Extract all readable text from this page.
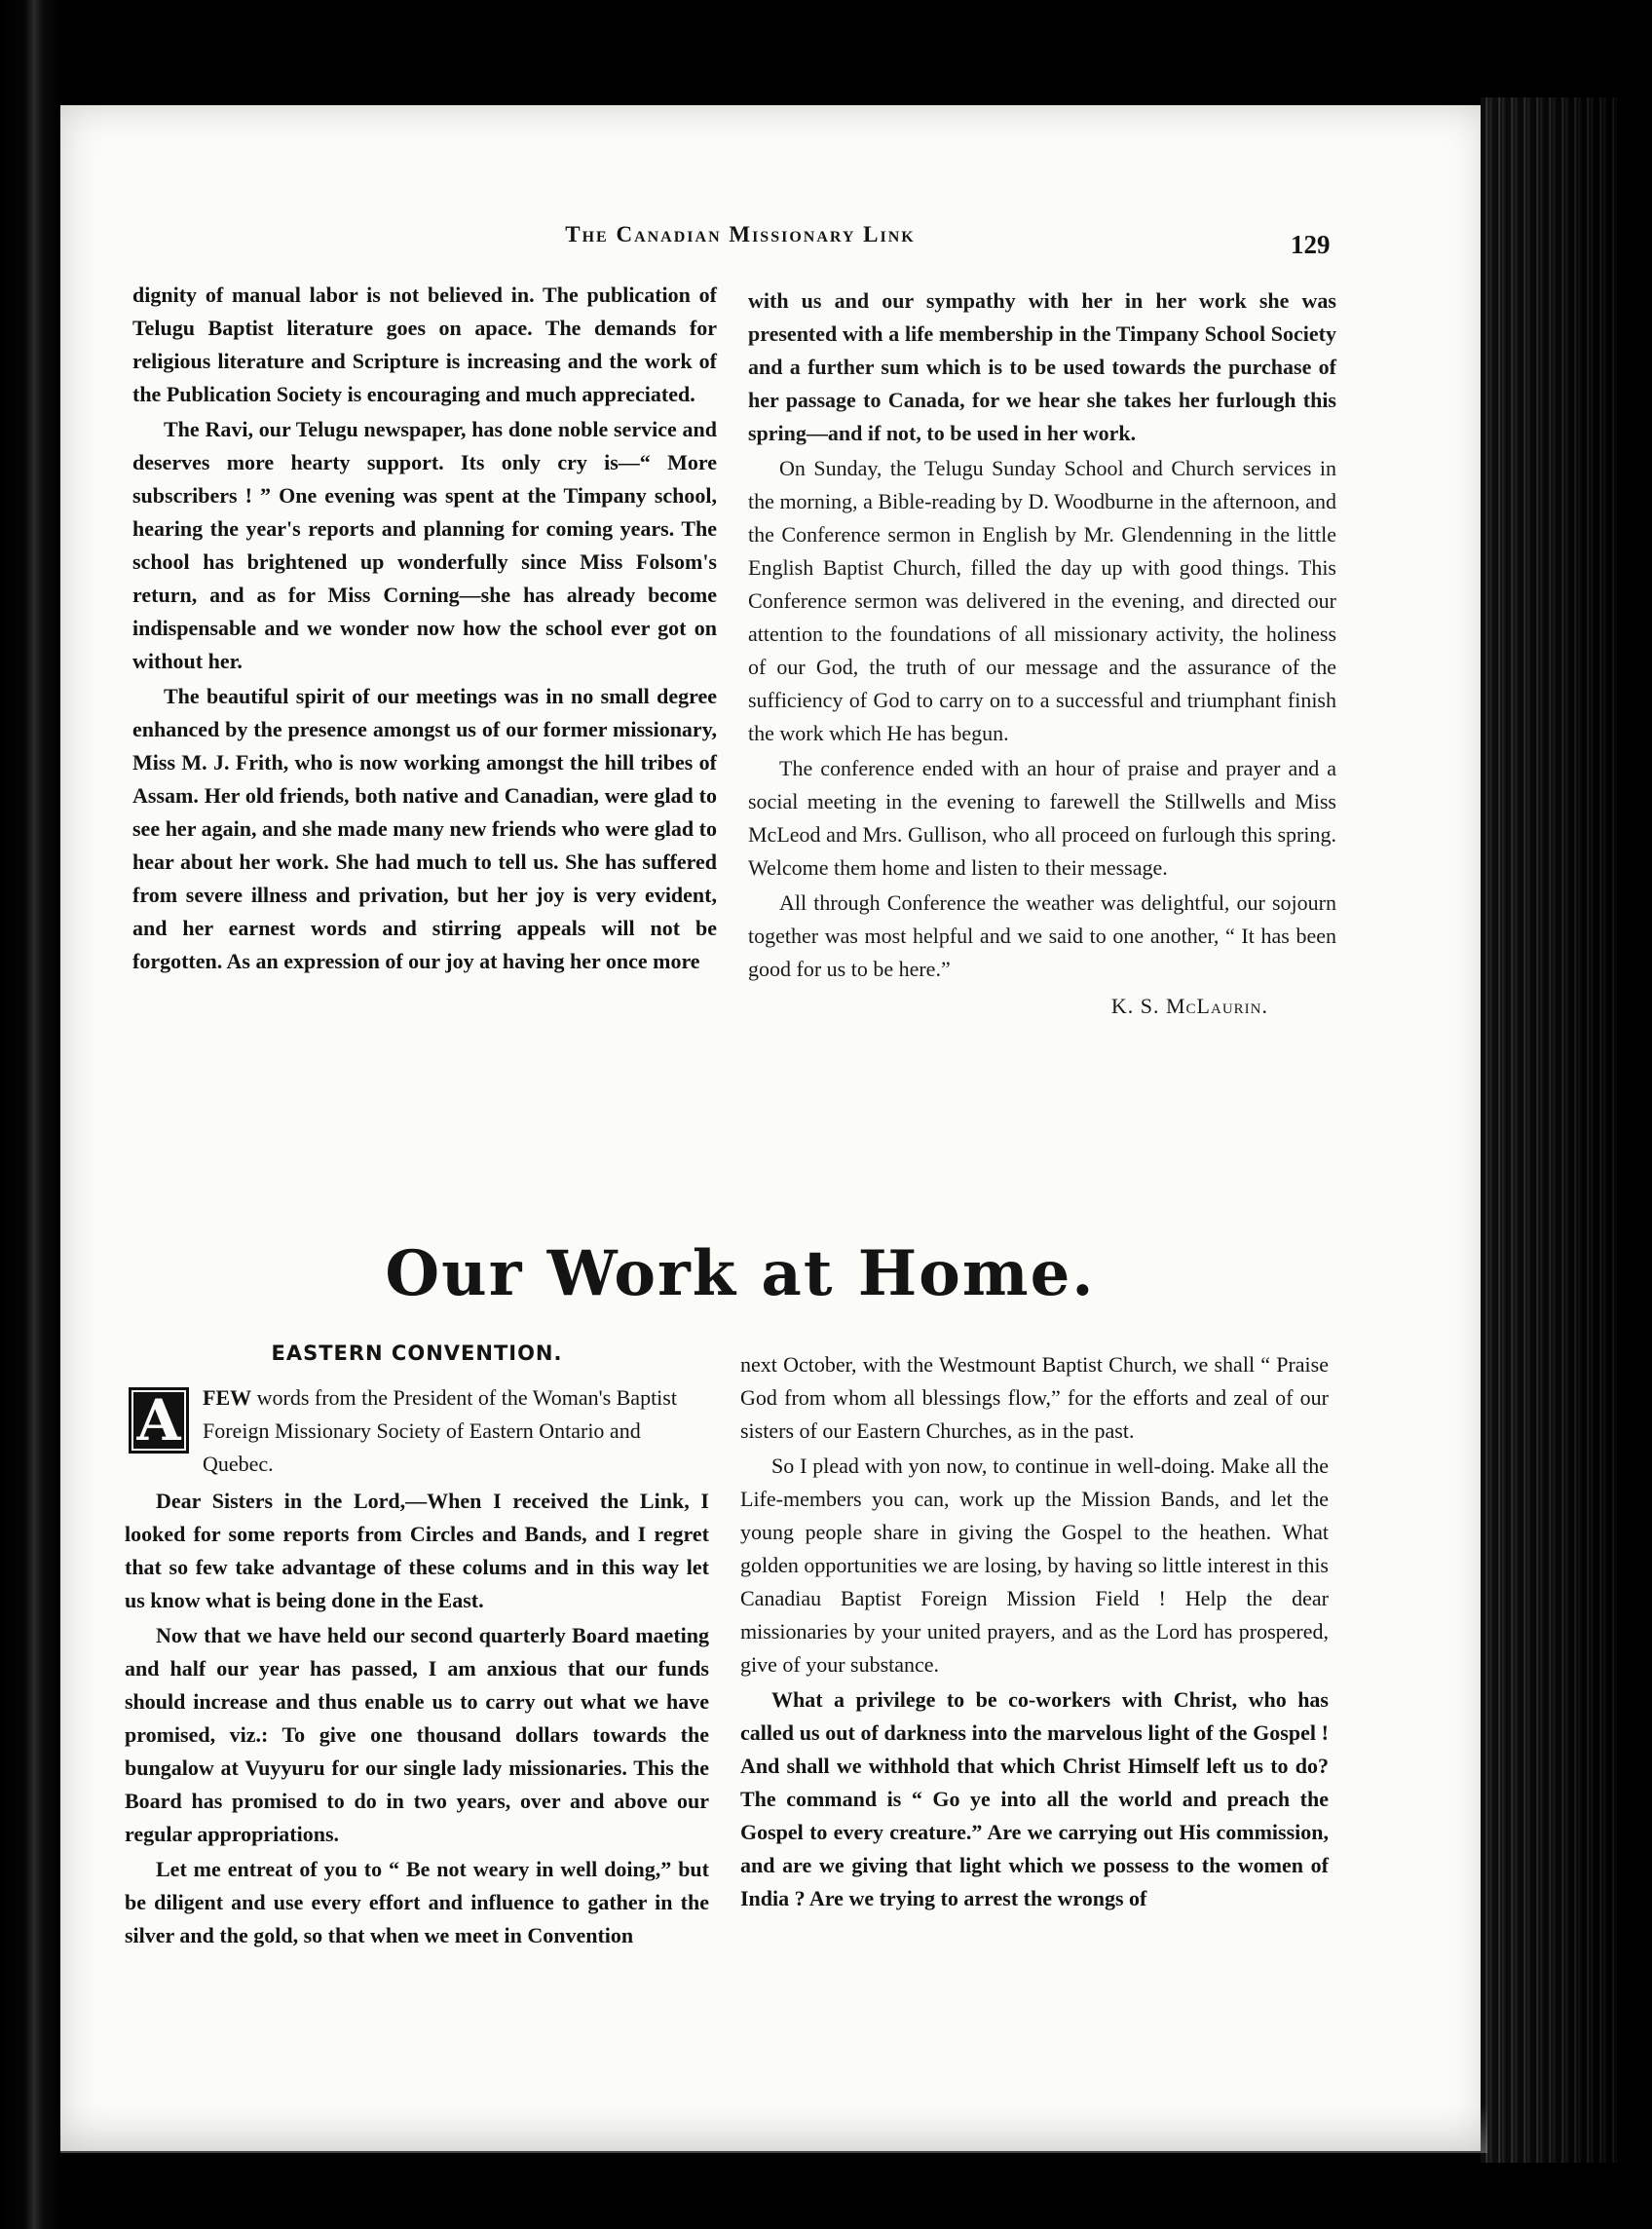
The Canadian Missionary Link	129

dignity of manual labor is not believed in. The publication of Telugu Baptist literature goes on apace. The demands for religious literature and Scripture is increasing and the work of the Publication Society is encouraging and much appreciated.

The Ravi, our Telugu newspaper, has done noble service and deserves more hearty support. Its only cry is—“ More subscribers ! ” One evening was spent at the Timpany school, hearing the year's reports and planning for coming years. The school has brightened up wonderfully since Miss Folsom's return, and as for Miss Corning—she has already become indispensable and we wonder now how the school ever got on without her.

The beautiful spirit of our meetings was in no small degree enhanced by the presence amongst us of our former missionary, Miss M. J. Frith, who is now working amongst the hill tribes of Assam. Her old friends, both native and Canadian, were glad to see her again, and she made many new friends who were glad to hear about her work. She had much to tell us. She has suffered from severe illness and privation, but her joy is very evident, and her earnest words and stirring appeals will not be forgotten. As an expression of our joy at having her once more

with us and our sympathy with her in her work she was presented with a life membership in the Timpany School Society and a further sum which is to be used towards the purchase of her passage to Canada, for we hear she takes her furlough this spring—and if not, to be used in her work.

On Sunday, the Telugu Sunday School and Church services in the morning, a Bible-reading by D. Woodburne in the afternoon, and the Conference sermon in English by Mr. Glendenning in the little English Baptist Church, filled the day up with good things. This Conference sermon was delivered in the evening, and directed our attention to the foundations of all missionary activity, the holiness of our God, the truth of our message and the assurance of the sufficiency of God to carry on to a successful and triumphant finish the work which He has begun.

The conference ended with an hour of praise and prayer and a social meeting in the evening to farewell the Stillwells and Miss McLeod and Mrs. Gullison, who all proceed on furlough this spring. Welcome them home and listen to their message.

All through Conference the weather was delightful, our sojourn together was most helpful and we said to one another, “ It has been good for us to be here.”

K. S. McLaurin.
Our Work at Home.
EASTERN CONVENTION.
A	FEW words from the President of the Woman's Baptist Foreign Missionary Society of Eastern Ontario and Quebec.

Dear Sisters in the Lord,—When I received the Link, I looked for some reports from Circles and Bands, and I regret that so few take advantage of these colums and in this way let us know what is being done in the East.

Now that we have held our second quarterly Board maeting and half our year has passed, I am anxious that our funds should increase and thus enable us to carry out what we have promised, viz.: To give one thousand dollars towards the bungalow at Vuyyuru for our single lady missionaries. This the Board has promised to do in two years, over and above our regular appropriations.

Let me entreat of you to “ Be not weary in well doing,” but be diligent and use every effort and influence to gather in the silver and the gold, so that when we meet in Convention

next October, with the Westmount Baptist Church, we shall “ Praise God from whom all blessings flow,” for the efforts and zeal of our sisters of our Eastern Churches, as in the past.

So I plead with yon now, to continue in well-doing. Make all the Life-members you can, work up the Mission Bands, and let the young people share in giving the Gospel to the heathen. What golden opportunities we are losing, by having so little interest in this Canadiau Baptist Foreign Mission Field ! Help the dear missionaries by your united prayers, and as the Lord has prospered, give of your substance.

What a privilege to be co-workers with Christ, who has called us out of darkness into the marvelous light of the Gospel ! And shall we withhold that which Christ Himself left us to do? The command is “ Go ye into all the world and preach the Gospel to every creature.” Are we carrying out His commission, and are we giving that light which we possess to the women of India ? Are we trying to arrest the wrongs of
